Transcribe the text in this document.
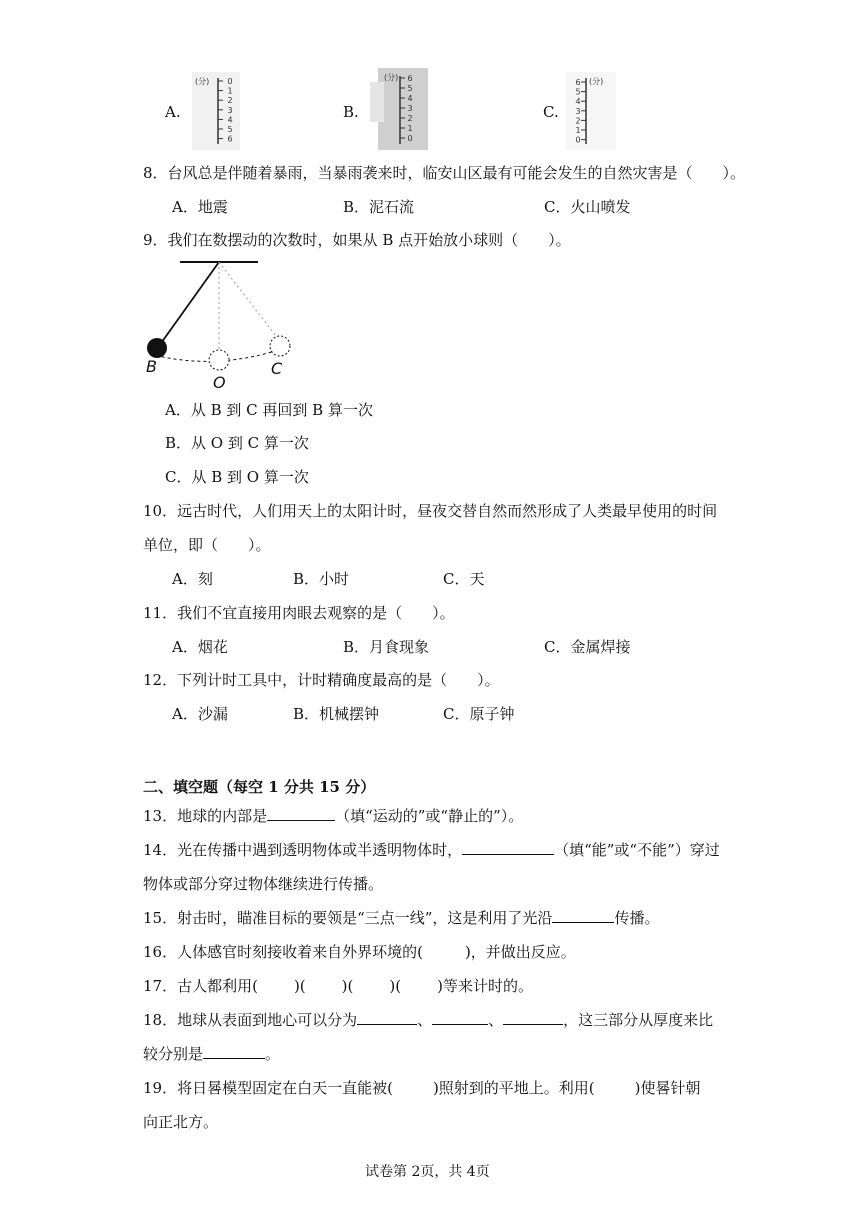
A.
(分) 0
1
2
3
4
5
6
B.
(分) 6
5
4
3
2
1
0
C.
(分)
6
5
4
3
2
1
0
8．台风总是伴随着暴雨，当暴雨袭来时，临安山区最有可能会发生的自然灾害是（　　）。
A．地震	B．泥石流	C．火山喷发
9．我们在数摆动的次数时，如果从 B 点开始放小球则（　　）。
B
O
C
A．从 B 到 C 再回到 B 算一次
B．从 O 到 C 算一次
C．从 B 到 O 算一次
10．远古时代，人们用天上的太阳计时，昼夜交替自然而然形成了人类最早使用的时间
单位，即（　　）。
A．刻	B．小时	C．天
11．我们不宜直接用肉眼去观察的是（　　）。
A．烟花	B．月食现象	C．金属焊接
12．下列计时工具中，计时精确度最高的是（　　）。
A．沙漏	B．机械摆钟	C．原子钟
二、填空题（每空 1 分共 15 分）
13．地球的内部是	（填“运动的”或“静止的”）。
14．光在传播中遇到透明物体或半透明物体时，	（填“能”或“不能”）穿过
物体或部分穿过物体继续进行传播。
15．射击时，瞄准目标的要领是“三点一线”，这是利用了光沿	传播。
16．人体感官时刻接收着来自外界环境的(	)，并做出反应。
17．古人都利用( )( )( )( )等来计时的。
18．地球从表面到地心可以分为	、	、	，这三部分从厚度来比
较分别是	。
19．将日晷模型固定在白天一直能被(	)照射到的平地上。利用(	)使晷针朝
向正北方。
试卷第 2页，共 4页
